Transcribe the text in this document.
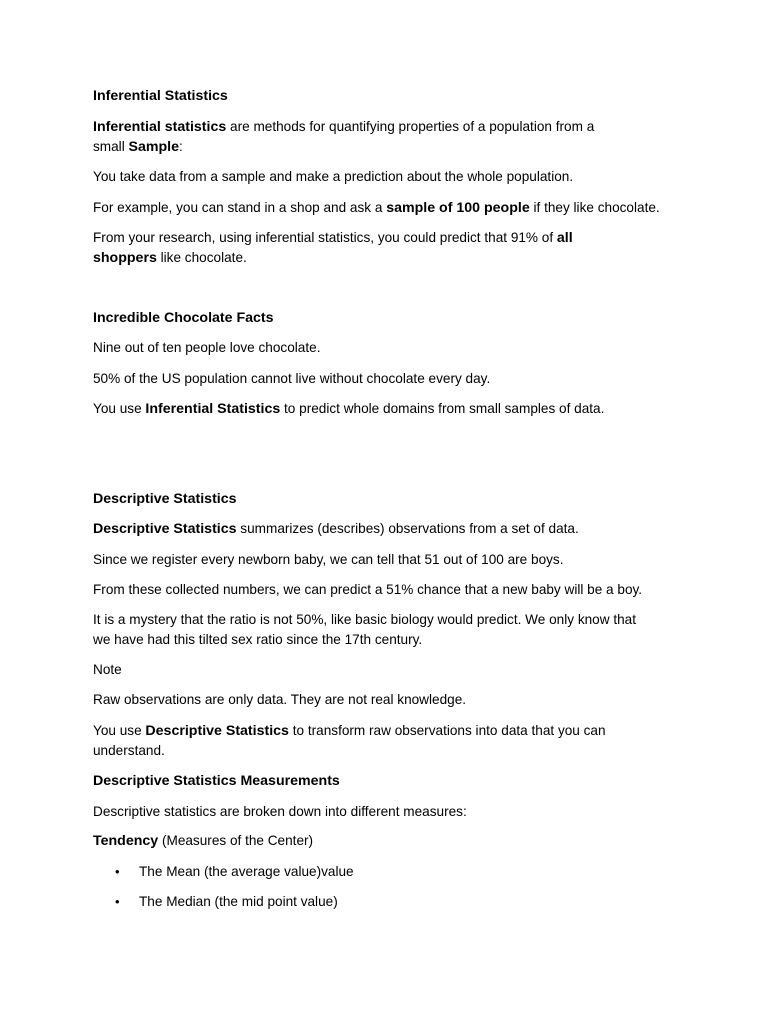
Inferential Statistics

Inferential statistics are methods for quantifying properties of a population from a

small Sample:

You take data from a sample and make a prediction about the whole population.

For example, you can stand in a shop and ask a sample of 100 people if they like chocolate.

From your research, using inferential statistics, you could predict that 91% of all

shoppers like chocolate.

Incredible Chocolate Facts

Nine out of ten people love chocolate.

50% of the US population cannot live without chocolate every day.

You use Inferential Statistics to predict whole domains from small samples of data.

Descriptive Statistics

Descriptive Statistics summarizes (describes) observations from a set of data.

Since we register every newborn baby, we can tell that 51 out of 100 are boys.

From these collected numbers, we can predict a 51% chance that a new baby will be a boy.

It is a mystery that the ratio is not 50%, like basic biology would predict. We only know that

we have had this tilted sex ratio since the 17th century.

Note

Raw observations are only data. They are not real knowledge.

You use Descriptive Statistics to transform raw observations into data that you can

understand.

Descriptive Statistics Measurements

Descriptive statistics are broken down into different measures:

Tendency (Measures of the Center)

• The Mean (the average value)value

• The Median (the mid point value)
